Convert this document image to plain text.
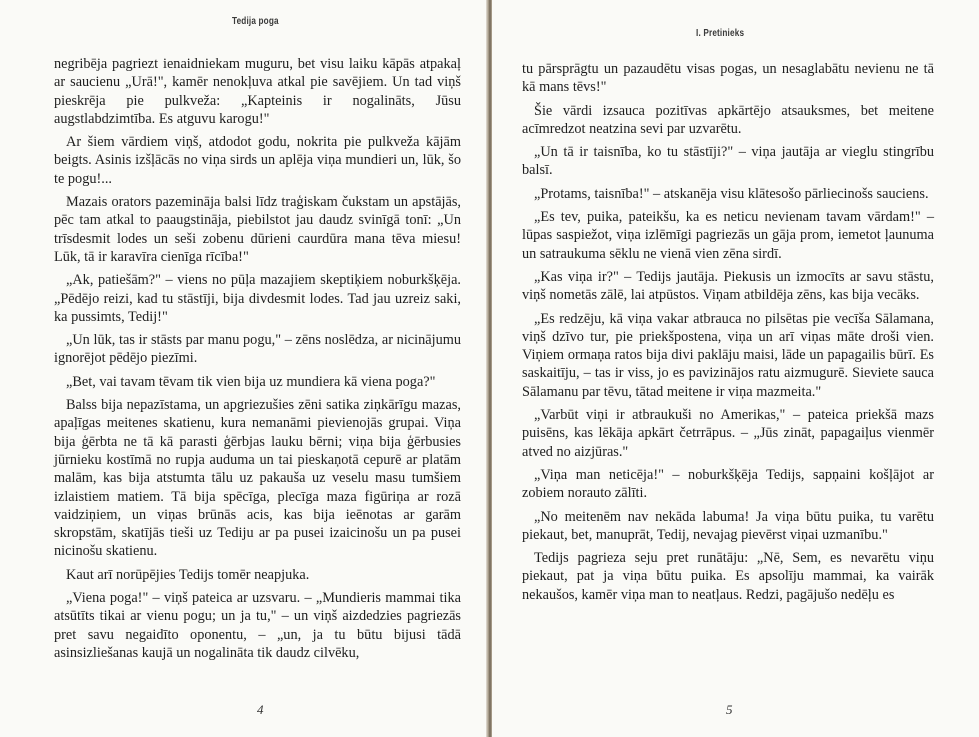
Tedija poga

negribēja pagriezt ienaidniekam muguru, bet visu laiku kāpās atpakaļ ar saucienu „Urā!", kamēr nenokļuva atkal pie savējiem. Un tad viņš pieskrēja pie pulkveža: „Kapteinis ir nogalināts, Jūsu augstlabdzimtība. Es atguvu karogu!"

Ar šiem vārdiem viņš, atdodot godu, nokrita pie pulkveža kājām beigts. Asinis izšļācās no viņa sirds un aplēja viņa mundieri un, lūk, šo te pogu!...

Mazais orators pazemināja balsi līdz traģiskam čukstam un apstājās, pēc tam atkal to paaugstināja, piebilstot jau daudz svinīgā tonī: „Un trīsdesmit lodes un seši zobenu dūrieni caurdūra mana tēva miesu! Lūk, tā ir karavīra cienīga rīcība!"

„Ak, patiešām?" – viens no pūļa mazajiem skeptiķiem noburkšķēja. „Pēdējo reizi, kad tu stāstīji, bija divdesmit lodes. Tad jau uzreiz saki, ka pussimts, Tedij!"

„Un lūk, tas ir stāsts par manu pogu," – zēns noslēdza, ar nicinājumu ignorējot pēdējo piezīmi.

„Bet, vai tavam tēvam tik vien bija uz mundiera kā viena poga?"

Balss bija nepazīstama, un apgriezušies zēni satika ziņkārīgu mazas, apaļīgas meitenes skatienu, kura nemanāmi pievienojās grupai. Viņa bija ģērbta ne tā kā parasti ģērbjas lauku bērni; viņa bija ģērbusies jūrnieku kostīmā no rupja auduma un tai pieskaņotā cepurē ar platām malām, kas bija atstumta tālu uz pakauša uz veselu masu tumšiem izlaistiem matiem. Tā bija spēcīga, plecīga maza figūriņa ar rozā vaidziņiem, un viņas brūnās acis, kas bija ieēnotas ar garām skropstām, skatījās tieši uz Tediju ar pa pusei izaicinošu un pa pusei nicinošu skatienu.

Kaut arī norūpējies Tedijs tomēr neapjuka.

„Viena poga!" – viņš pateica ar uzsvaru. – „Mundieris mammai tika atsūtīts tikai ar vienu pogu; un ja tu," – un viņš aizdedzies pagriezās pret savu negaidīto oponentu, – „un, ja tu būtu bijusi tādā asinsizliešanas kaujā un nogalināta tik daudz cilvēku,

4
I. Pretinieks

tu pārsprāgtu un pazaudētu visas pogas, un nesaglabātu nevienu ne tā kā mans tēvs!"

Šie vārdi izsauca pozitīvas apkārtējo atsauksmes, bet meitene acīmredzot neatzina sevi par uzvarētu.

„Un tā ir taisnība, ko tu stāstīji?" – viņa jautāja ar vieglu stingrību balsī.

„Protams, taisnība!" – atskanēja visu klātesošo pārliecinošs sauciens.

„Es tev, puika, pateikšu, ka es neticu nevienam tavam vārdam!" – lūpas saspiežot, viņa izlēmīgi pagriezās un gāja prom, iemetot ļaunuma un satraukuma sēklu ne vienā vien zēna sirdī.

„Kas viņa ir?" – Tedijs jautāja. Piekusis un izmocīts ar savu stāstu, viņš nometās zālē, lai atpūstos. Viņam atbildēja zēns, kas bija vecāks.

„Es redzēju, kā viņa vakar atbrauca no pilsētas pie vecīša Sālamana, viņš dzīvo tur, pie priekšpostena, viņa un arī viņas māte droši vien. Viņiem ormaņa ratos bija divi paklāju maisi, lāde un papagailis būrī. Es saskaitīju, – tas ir viss, jo es pavizinājos ratu aizmugurē. Sieviete sauca Sālamanu par tēvu, tātad meitene ir viņa mazmeita."

„Varbūt viņi ir atbraukuši no Amerikas," – pateica priekšā mazs puisēns, kas lēkāja apkārt četrrāpus. – „Jūs zināt, papagaiļus vienmēr atved no aizjūras."

„Viņa man neticēja!" – noburkšķēja Tedijs, sapņaini košļājot ar zobiem norauto zālīti.

„No meitenēm nav nekāda labuma! Ja viņa būtu puika, tu varētu piekaut, bet, manuprāt, Tedij, nevajag pievērst viņai uzmanību."

Tedijs pagrieza seju pret runātāju: „Nē, Sem, es nevarētu viņu piekaut, pat ja viņa būtu puika. Es apsolīju mammai, ka vairāk nekaušos, kamēr viņa man to neatļaus. Redzi, pagājušo nedēļu es

5
